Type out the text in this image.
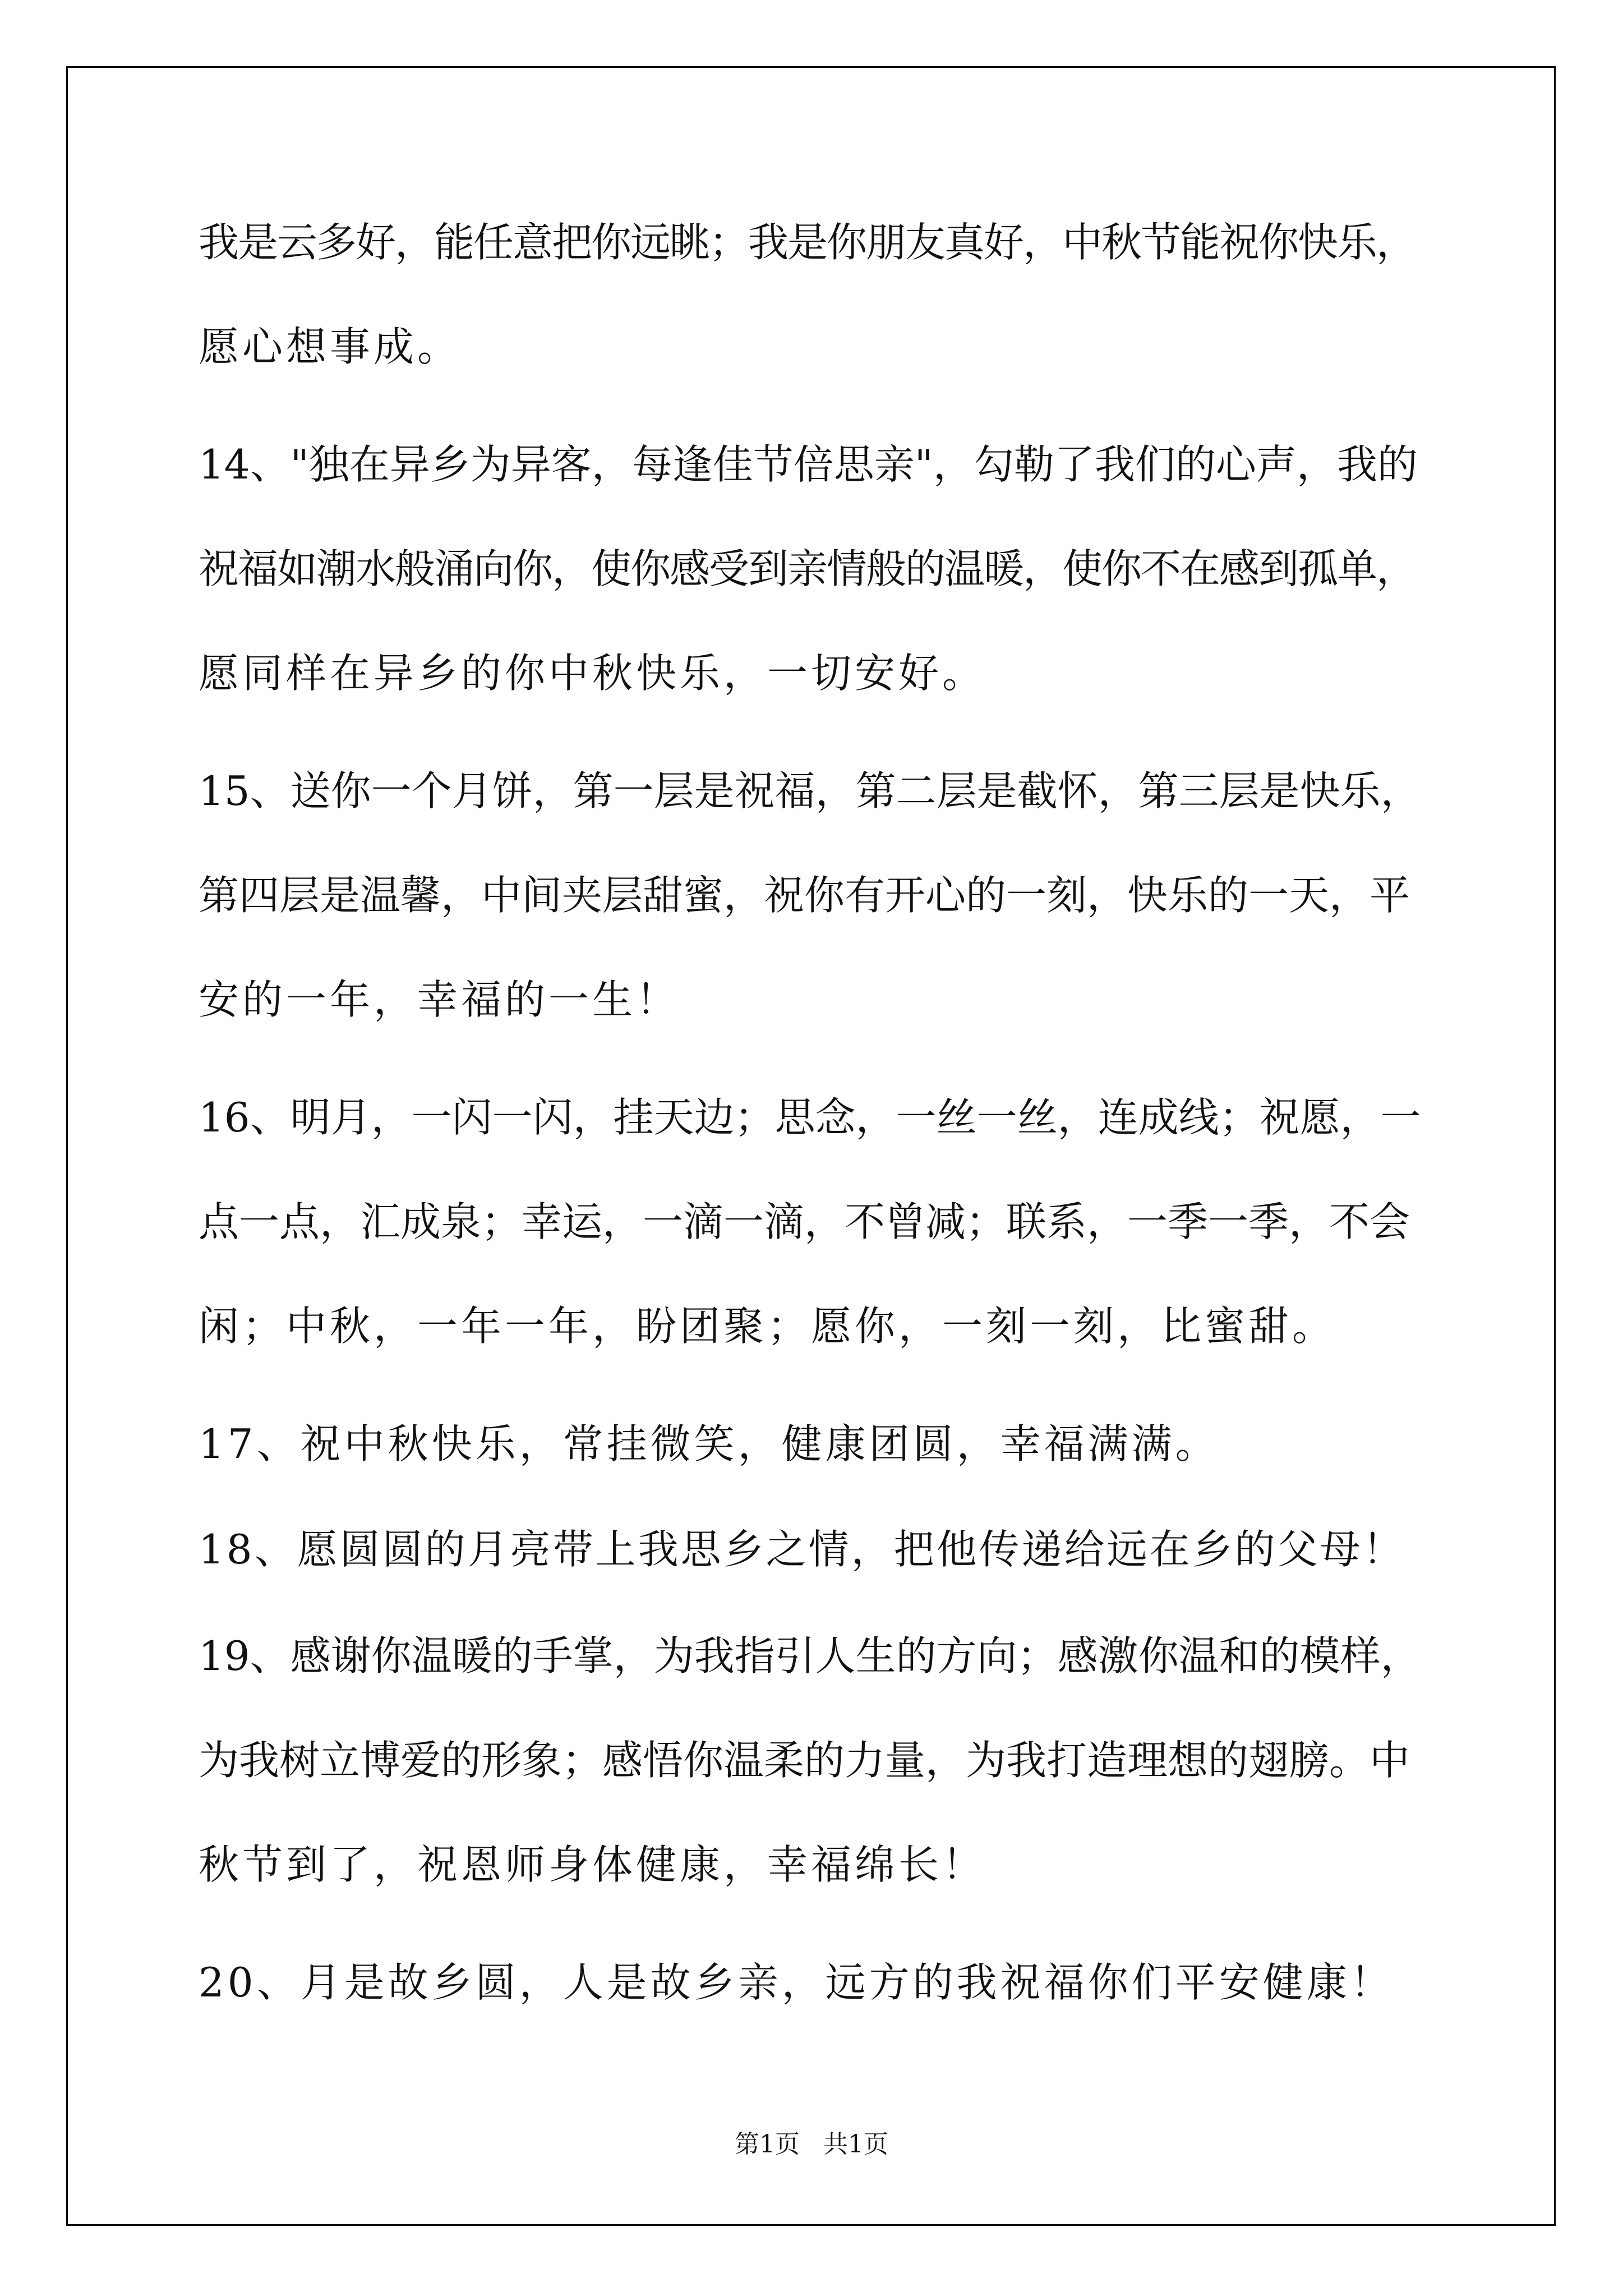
我是云多好，能任意把你远眺；我是你朋友真好，中秋节能祝你快乐，
愿心想事成。
14、"独在异乡为异客，每逢佳节倍思亲"，勾勒了我们的心声，我的
祝福如潮水般涌向你，使你感受到亲情般的温暖，使你不在感到孤单，
愿同样在异乡的你中秋快乐，一切安好。
15、送你一个月饼，第一层是祝福，第二层是截怀，第三层是快乐，
第四层是温馨，中间夹层甜蜜，祝你有开心的一刻，快乐的一天，平
安的一年，幸福的一生！
16、明月，一闪一闪，挂天边；思念，一丝一丝，连成线；祝愿，一
点一点，汇成泉；幸运，一滴一滴，不曾减；联系，一季一季，不会
闲；中秋，一年一年，盼团聚；愿你，一刻一刻，比蜜甜。
17、祝中秋快乐，常挂微笑，健康团圆，幸福满满。
18、愿圆圆的月亮带上我思乡之情，把他传递给远在乡的父母！
19、感谢你温暖的手掌，为我指引人生的方向；感激你温和的模样，
为我树立博爱的形象；感悟你温柔的力量，为我打造理想的翅膀。中
秋节到了，祝恩师身体健康，幸福绵长！
20、月是故乡圆，人是故乡亲，远方的我祝福你们平安健康！
第1页   共1页
